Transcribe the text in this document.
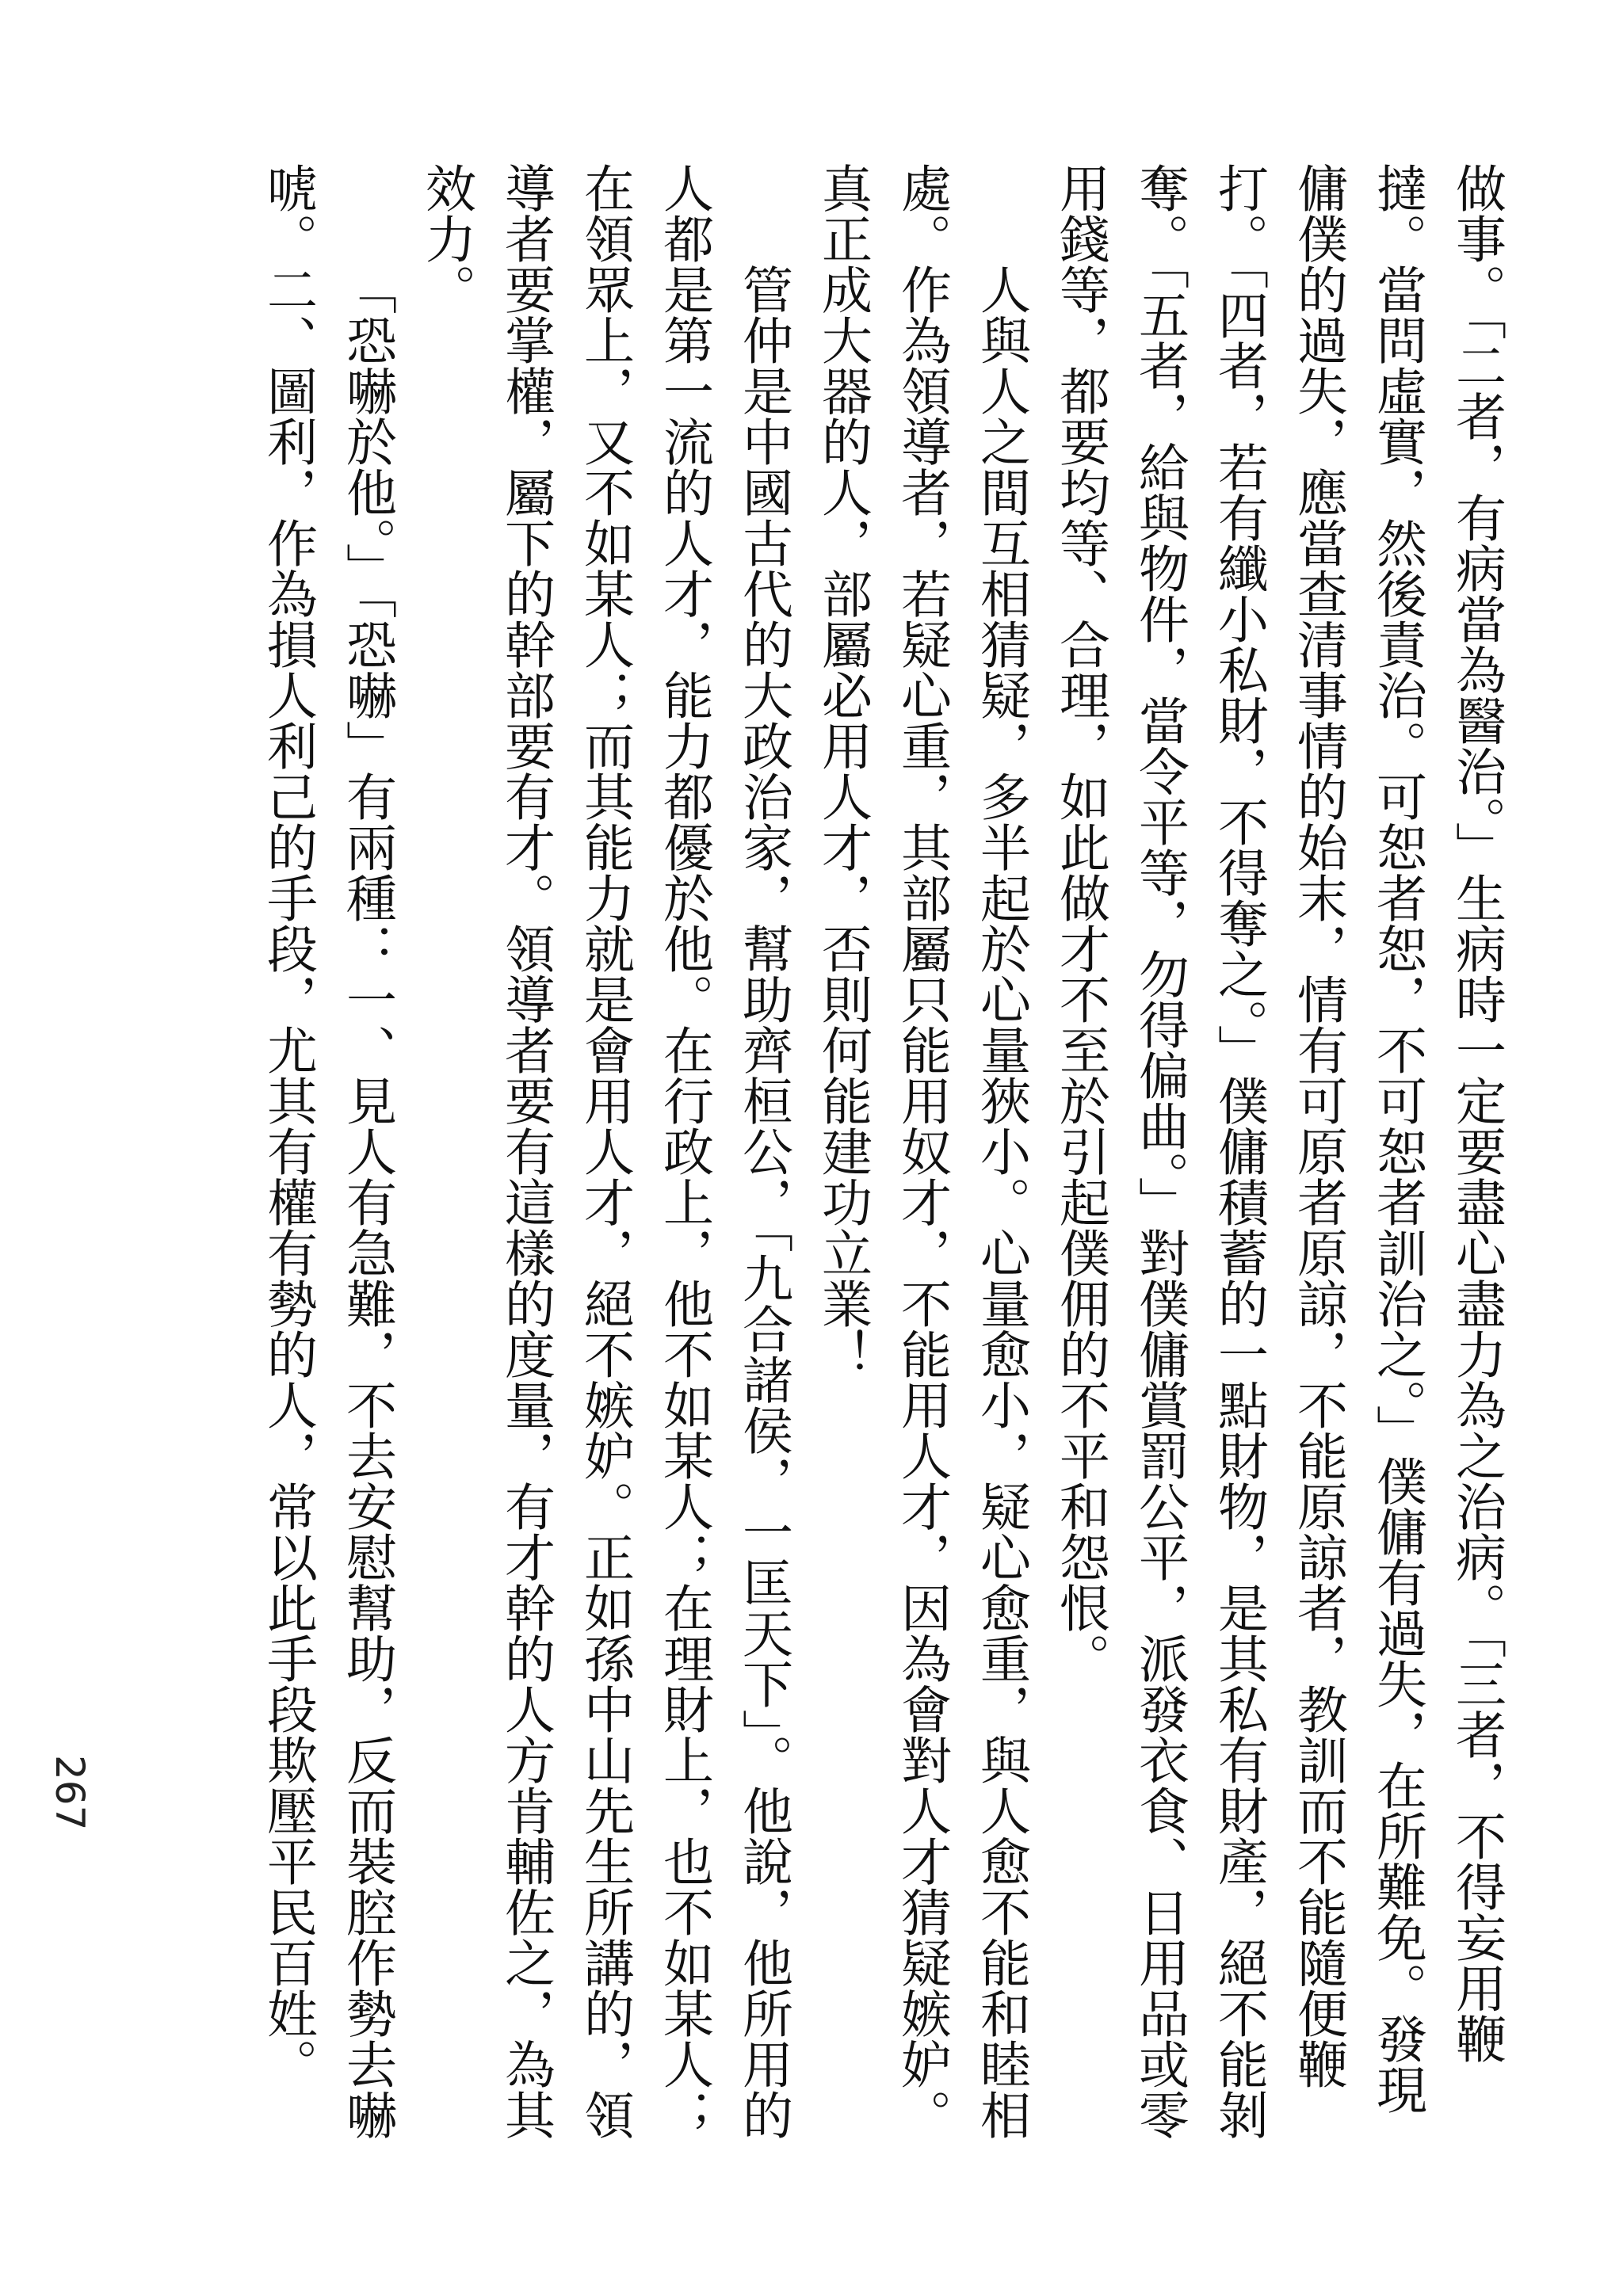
做事。「二者，有病當為醫治。」生病時一定要盡心盡力為之治病。「三者，不得妄用鞭撻。當問虛實，然後責治。可恕者恕，不可恕者訓治之。」僕傭有過失，在所難免。發現傭僕的過失，應當查清事情的始末，情有可原者原諒，不能原諒者，教訓而不能隨便鞭打。「四者，若有纖小私財，不得奪之。」僕傭積蓄的一點財物，是其私有財產，絕不能剝奪。「五者，給與物件，當令平等，勿得偏曲。」對僕傭賞罰公平，派發衣食、日用品或零用錢等，都要均等、合理，如此做才不至於引起僕佣的不平和怨恨。

人與人之間互相猜疑，多半起於心量狹小。心量愈小，疑心愈重，與人愈不能和睦相處。作為領導者，若疑心重，其部屬只能用奴才，不能用人才，因為會對人才猜疑嫉妒。真正成大器的人，部屬必用人才，否則何能建功立業！

管仲是中國古代的大政治家，幫助齊桓公，「九合諸侯，一匡天下」。他說，他所用的人都是第一流的人才，能力都優於他。在行政上，他不如某人；在理財上，也不如某人；在領眾上，又不如某人；而其能力就是會用人才，絕不嫉妒。正如孫中山先生所講的，領導者要掌權，屬下的幹部要有才。領導者要有這樣的度量，有才幹的人方肯輔佐之，為其效力。

「恐嚇於他。」「恐嚇」有兩種：一、見人有急難，不去安慰幫助，反而裝腔作勢去嚇唬。二、圖利，作為損人利己的手段，尤其有權有勢的人，常以此手段欺壓平民百姓。

267
